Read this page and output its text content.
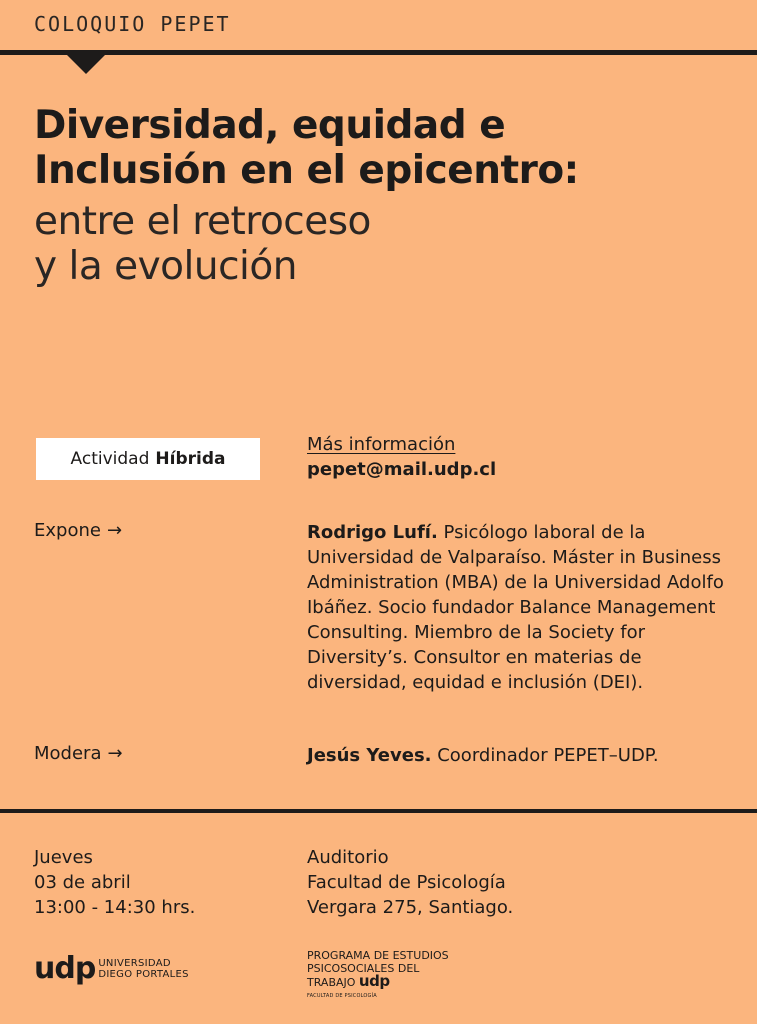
COLOQUIO PEPET
Diversidad, equidad e
Inclusión en el epicentro:
entre el retroceso
y la evolución
Actividad Híbrida
Más información
pepet@mail.udp.cl
Expone →	Rodrigo Lufí. Psicólogo laboral de la Universidad de Valparaíso. Máster in Business Administration (MBA) de la Universidad Adolfo Ibáñez. Socio fundador Balance Management Consulting. Miembro de la Society for Diversity’s. Consultor en materias de diversidad, equidad e inclusión (DEI).
Modera →	Jesús Yeves. Coordinador PEPET–UDP.
Jueves
03 de abril
13:00 - 14:30 hrs.
Auditorio
Facultad de Psicología
Vergara 275, Santiago.
udp UNIVERSIDAD
DIEGO PORTALES
PROGRAMA DE ESTUDIOS
PSICOSOCIALES DEL
TRABAJO udp
FACULTAD DE PSICOLOGÍA
